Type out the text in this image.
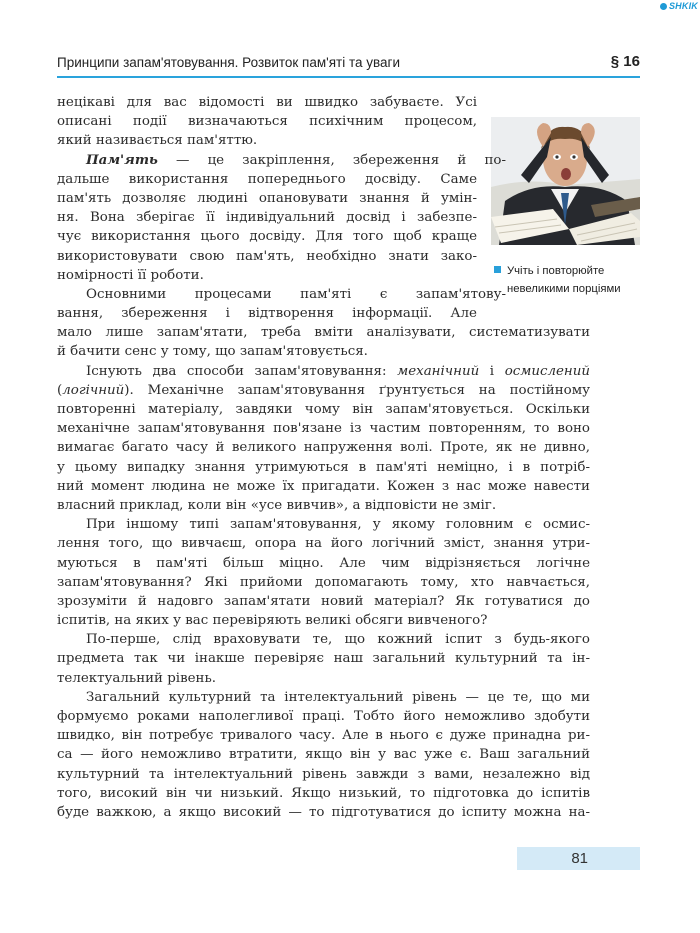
SHKIK
Принципи запам'ятовування. Розвиток пам'яті та уваги	§ 16
Учіть і повторюйте
невеликими порціями
нецікаві для вас відомості ви швидко забуваєте. Усі
описані події визначаються психічним процесом,
який називається пам'яттю.
Пам'ять — це закріплення, збереження й по-
дальше використання попереднього досвіду. Саме
пам'ять дозволяє людині опановувати знання й умін-
ня. Вона зберігає її індивідуальний досвід і забезпе-
чує використання цього досвіду. Для того щоб краще
використовувати свою пам'ять, необхідно знати зако-
номірності її роботи.
Основними процесами пам'яті є запам'ятову-
вання, збереження і відтворення інформації. Але
мало лише запам'ятати, треба вміти аналізувати, систематизувати
й бачити сенс у тому, що запам'ятовується.
Існують два способи запам'ятовування: механічний і осмислений
(логічний). Механічне запам'ятовування ґрунтується на постійному
повторенні матеріалу, завдяки чому він запам'ятовується. Оскільки
механічне запам'ятовування пов'язане із частим повторенням, то воно
вимагає багато часу й великого напруження волі. Проте, як не дивно,
у цьому випадку знання утримуються в пам'яті неміцно, і в потріб-
ний момент людина не може їх пригадати. Кожен з нас може навести
власний приклад, коли він «усе вивчив», а відповісти не зміг.
При іншому типі запам'ятовування, у якому головним є осмис-
лення того, що вивчаєш, опора на його логічний зміст, знання утри-
муються в пам'яті більш міцно. Але чим відрізняється логічне
запам'ятовування? Які прийоми допомагають тому, хто навчається,
зрозуміти й надовго запам'ятати новий матеріал? Як готуватися до
іспитів, на яких у вас перевіряють великі обсяги вивченого?
По-перше, слід враховувати те, що кожний іспит з будь-якого
предмета так чи інакше перевіряє наш загальний культурний та ін-
телектуальний рівень.
Загальний культурний та інтелектуальний рівень — це те, що ми
формуємо роками наполегливої праці. Тобто його неможливо здобути
швидко, він потребує тривалого часу. Але в нього є дуже принадна ри-
са — його неможливо втратити, якщо він у вас уже є. Ваш загальний
культурний та інтелектуальний рівень завжди з вами, незалежно від
того, високий він чи низький. Якщо низький, то підготовка до іспитів
буде важкою, а якщо високий — то підготуватися до іспиту можна на-
81
